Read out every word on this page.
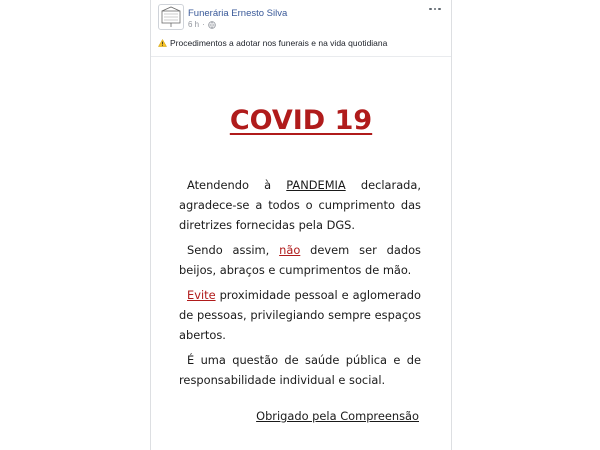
Funerária Ernesto Silva
6 h ·
Procedimentos a adotar nos funerais e na vida quotidiana
COVID 19

Atendendo à PANDEMIA declarada, agradece-se a todos o cumprimento das diretrizes fornecidas pela DGS.

Sendo assim, não devem ser dados beijos, abraços e cumprimentos de mão.

Evite proximidade pessoal e aglomerado de pessoas, privilegiando sempre espaços abertos.

É uma questão de saúde pública e de responsabilidade individual e social.

Obrigado pela Compreensão
